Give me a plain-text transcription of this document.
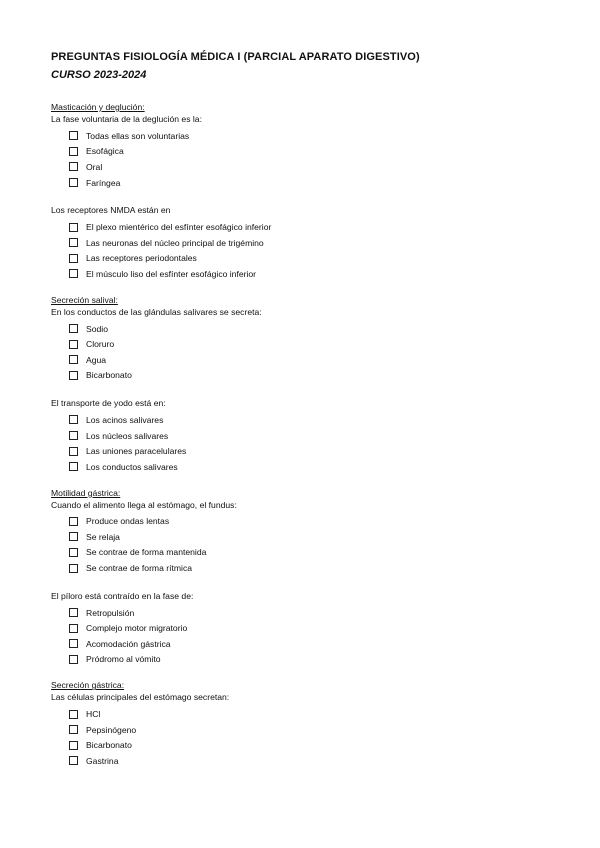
PREGUNTAS FISIOLOGÍA MÉDICA I (PARCIAL APARATO DIGESTIVO)
CURSO 2023-2024
Masticación y deglución:
La fase voluntaria de la deglución es la:
Todas ellas son voluntarias
Esofágica
Oral
Faríngea
Los receptores NMDA están en
El plexo mientérico del esfínter esofágico inferior
Las neuronas del núcleo principal de trigémino
Las receptores periodontales
El músculo liso del esfínter esofágico inferior
Secreción salival:
En los conductos de las glándulas salivares se secreta:
Sodio
Cloruro
Agua
Bicarbonato
El transporte de yodo está en:
Los acinos salivares
Los núcleos salivares
Las uniones paracelulares
Los conductos salivares
Motilidad gástrica:
Cuando el alimento llega al estómago, el fundus:
Produce ondas lentas
Se relaja
Se contrae de forma mantenida
Se contrae de forma rítmica
El píloro está contraído en la fase de:
Retropulsión
Complejo motor migratorio
Acomodación gástrica
Pródromo al vómito
Secreción gástrica:
Las células principales del estómago secretan:
HCl
Pepsinógeno
Bicarbonato
Gastrina
